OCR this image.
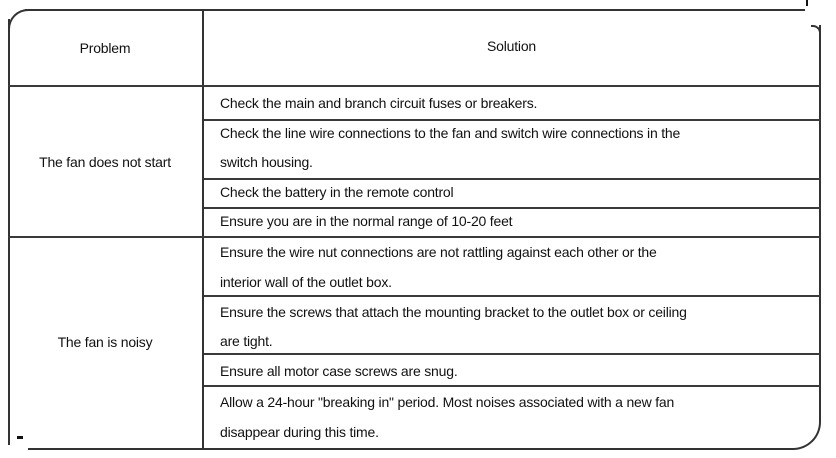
Problem	Solution
The fan does not start
The fan is noisy
Check the main and branch circuit fuses or breakers.
Check the line wire connections to the fan and switch wire connections in the
switch housing.
Check the battery in the remote control
Ensure you are in the normal range of 10-20 feet
Ensure the wire nut connections are not rattling against each other or the
interior wall of the outlet box.
Ensure the screws that attach the mounting bracket to the outlet box or ceiling
are tight.
Ensure all motor case screws are snug.
Allow a 24-hour "breaking in" period. Most noises associated with a new fan
disappear during this time.
